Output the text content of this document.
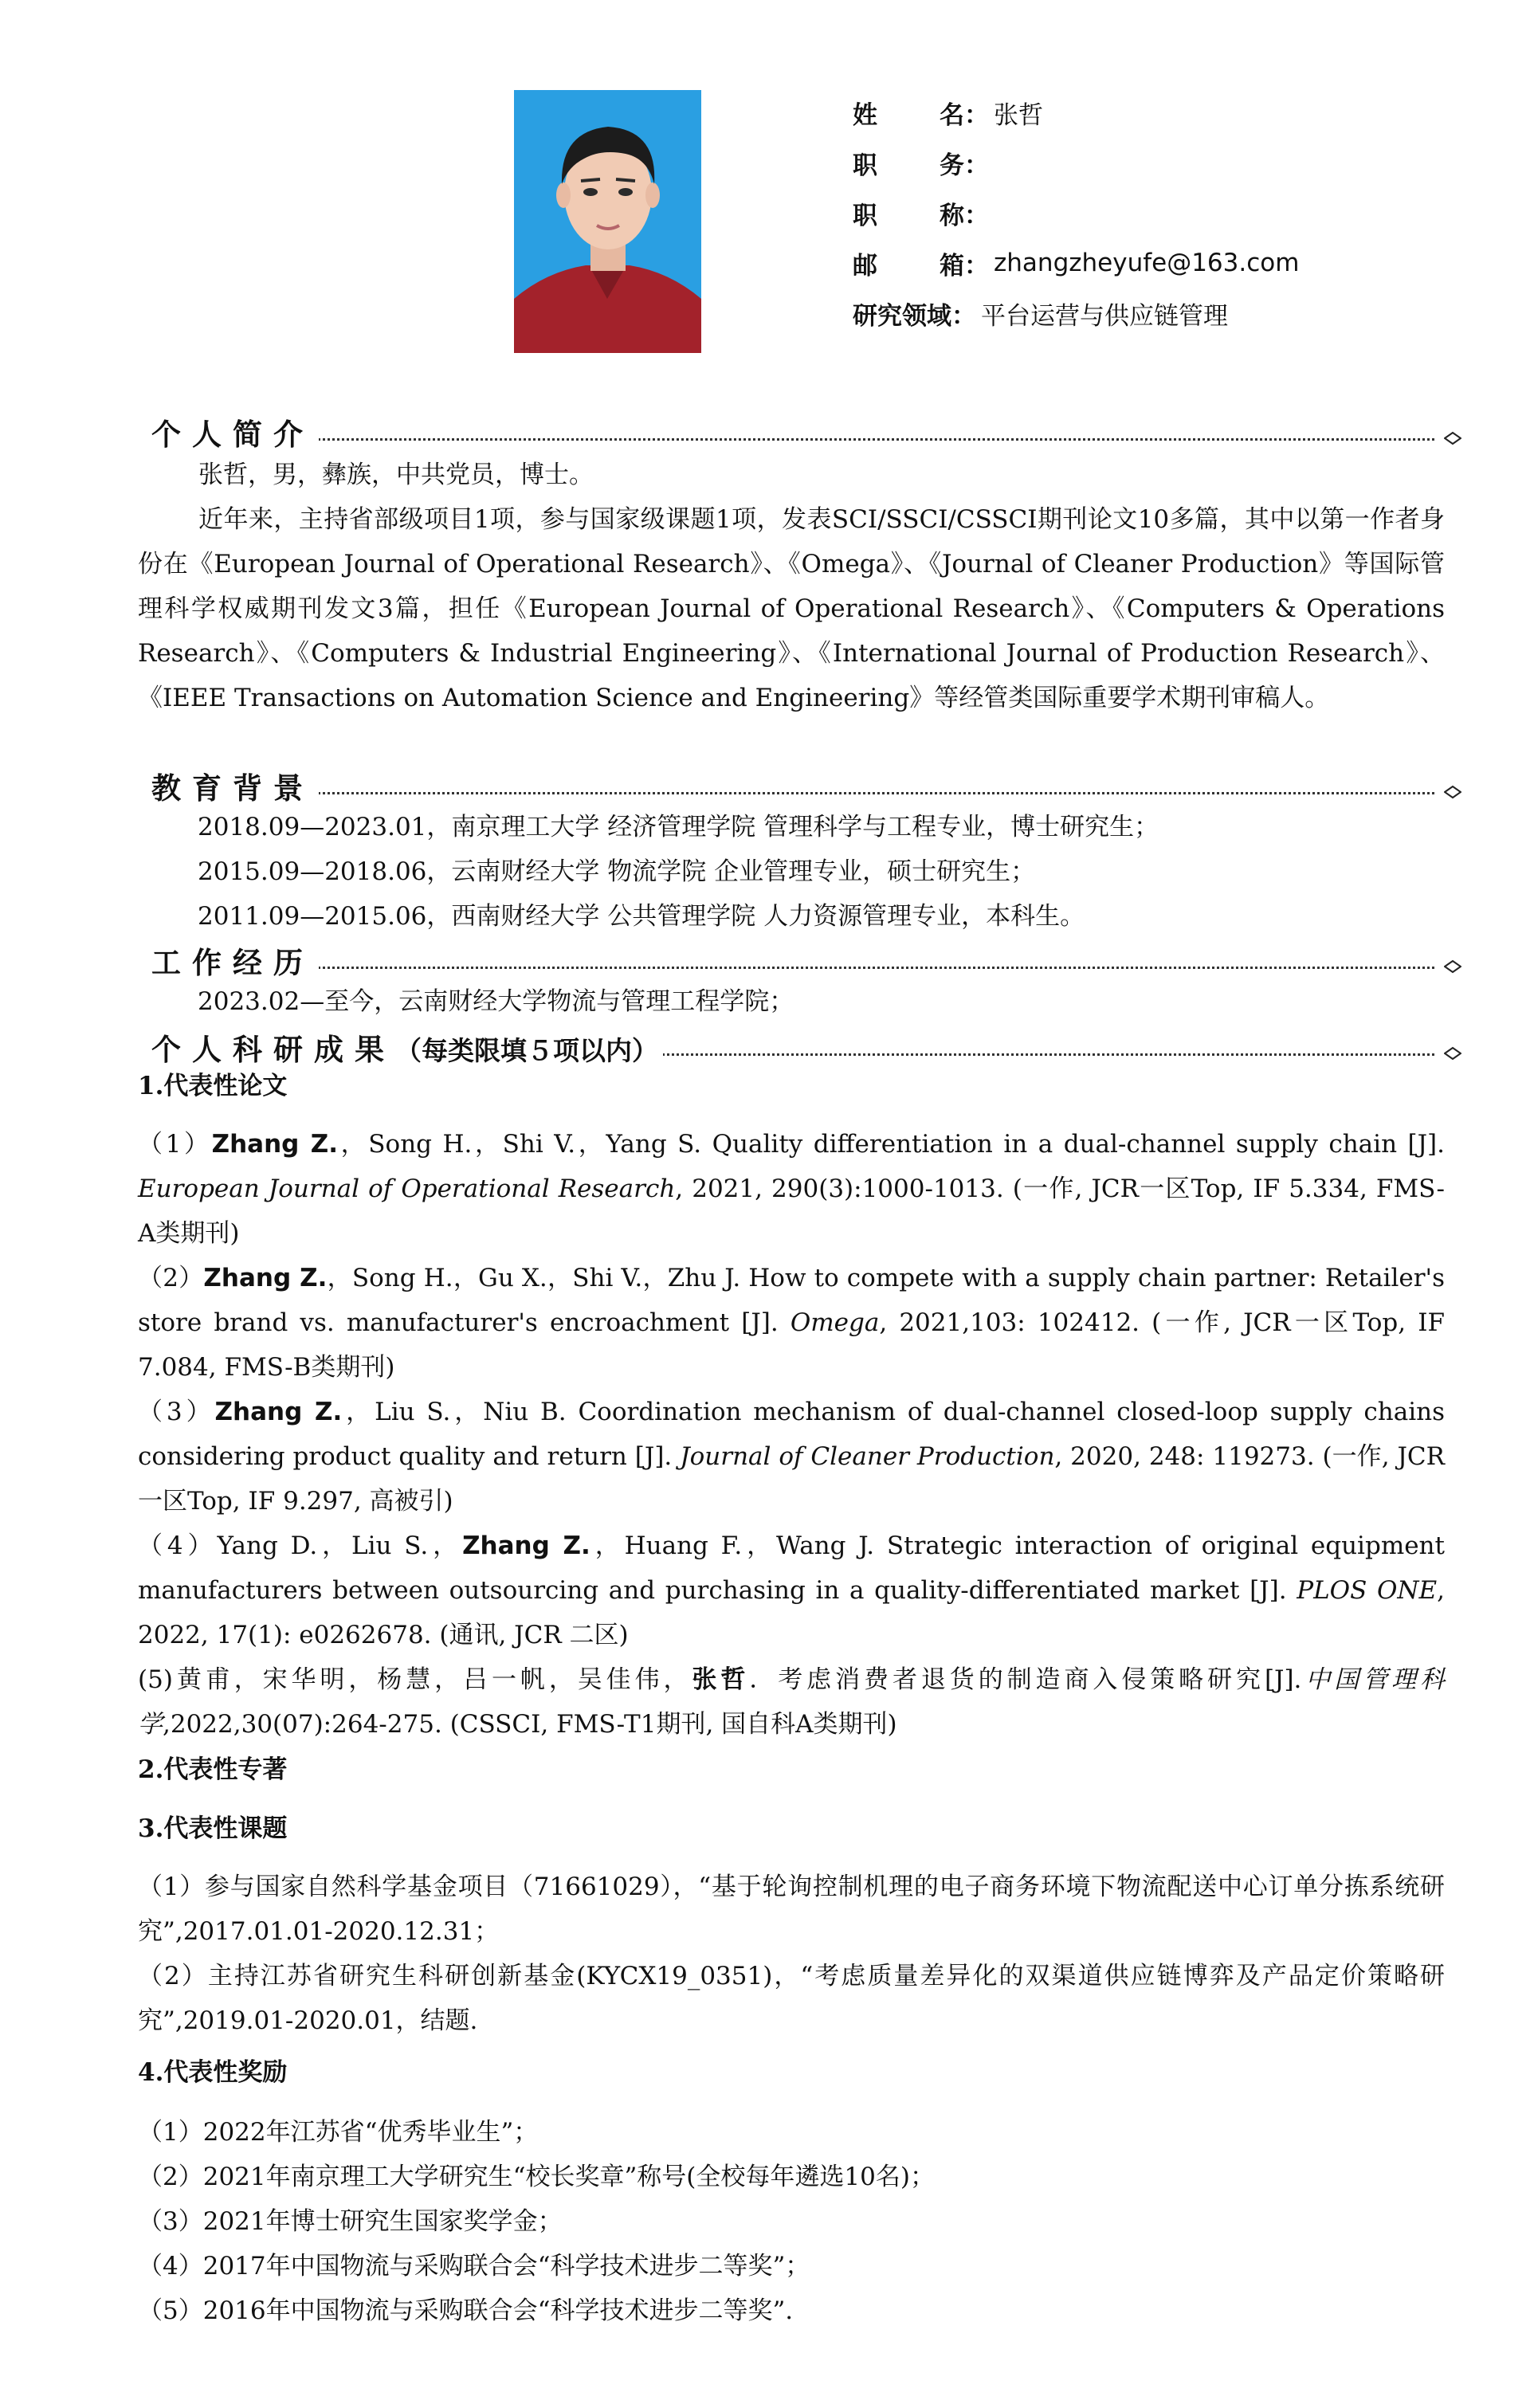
姓	名 ： 张哲
职	务 ：
职	称 ：
邮	箱 ： zhangzheyufe@163.com
研究领域 ： 平台运营与供应链管理
个人简介
张哲，男，彝族，中共党员，博士。
近年来，主持省部级项目1项，参与国家级课题1项，发表SCI/SSCI/CSSCI期刊论文10多篇，其中以第一作者身份在《European Journal of Operational Research》、《Omega》、《Journal of Cleaner Production》等国际管理科学权威期刊发文3篇，担任《European Journal of Operational Research》、《Computers & Operations Research》、《Computers & Industrial Engineering》、《International Journal of Production Research》、《IEEE Transactions on Automation Science and Engineering》等经管类国际重要学术期刊审稿人。
教育背景
2018.09—2023.01，南京理工大学 经济管理学院 管理科学与工程专业，博士研究生；
2015.09—2018.06，云南财经大学 物流学院 企业管理专业，硕士研究生；
2011.09—2015.06，西南财经大学 公共管理学院 人力资源管理专业，本科生。
工作经历
2023.02—至今，云南财经大学物流与管理工程学院；
个人科研成果（每类限填５项以内）
1.代表性论文
（1）Zhang Z.，Song H.，Shi V.，Yang S. Quality differentiation in a dual-channel supply chain [J]. European Journal of Operational Research, 2021, 290(3):1000-1013. (一作, JCR一区Top, IF 5.334, FMS-A类期刊)
（2）Zhang Z.，Song H.，Gu X.，Shi V.，Zhu J. How to compete with a supply chain partner: Retailer's store brand vs. manufacturer's encroachment [J]. Omega, 2021,103: 102412. (一作, JCR一区Top, IF 7.084, FMS-B类期刊)
（3）Zhang Z.，Liu S.，Niu B. Coordination mechanism of dual-channel closed-loop supply chains considering product quality and return [J]. Journal of Cleaner Production, 2020, 248: 119273. (一作, JCR一区Top, IF 9.297, 高被引)
（4）Yang D.，Liu S.，Zhang Z.，Huang F.，Wang J. Strategic interaction of original equipment manufacturers between outsourcing and purchasing in a quality-differentiated market [J]. PLOS ONE, 2022, 17(1): e0262678. (通讯, JCR 二区)
(5)黄甫，宋华明，杨慧，吕一帆，吴佳伟，张哲．考虑消费者退货的制造商入侵策略研究[J].中国管理科学,2022,30(07):264-275. (CSSCI, FMS-T1期刊, 国自科A类期刊)
2.代表性专著
3.代表性课题
（1）参与国家自然科学基金项目（71661029），“基于轮询控制机理的电子商务环境下物流配送中心订单分拣系统研究”,2017.01.01-2020.12.31；
（2）主持江苏省研究生科研创新基金(KYCX19_0351)，“考虑质量差异化的双渠道供应链博弈及产品定价策略研究”,2019.01-2020.01，结题.
4.代表性奖励
（1）2022年江苏省“优秀毕业生”；
（2）2021年南京理工大学研究生“校长奖章”称号(全校每年遴选10名)；
（3）2021年博士研究生国家奖学金；
（4）2017年中国物流与采购联合会“科学技术进步二等奖”；
（5）2016年中国物流与采购联合会“科学技术进步二等奖”.
